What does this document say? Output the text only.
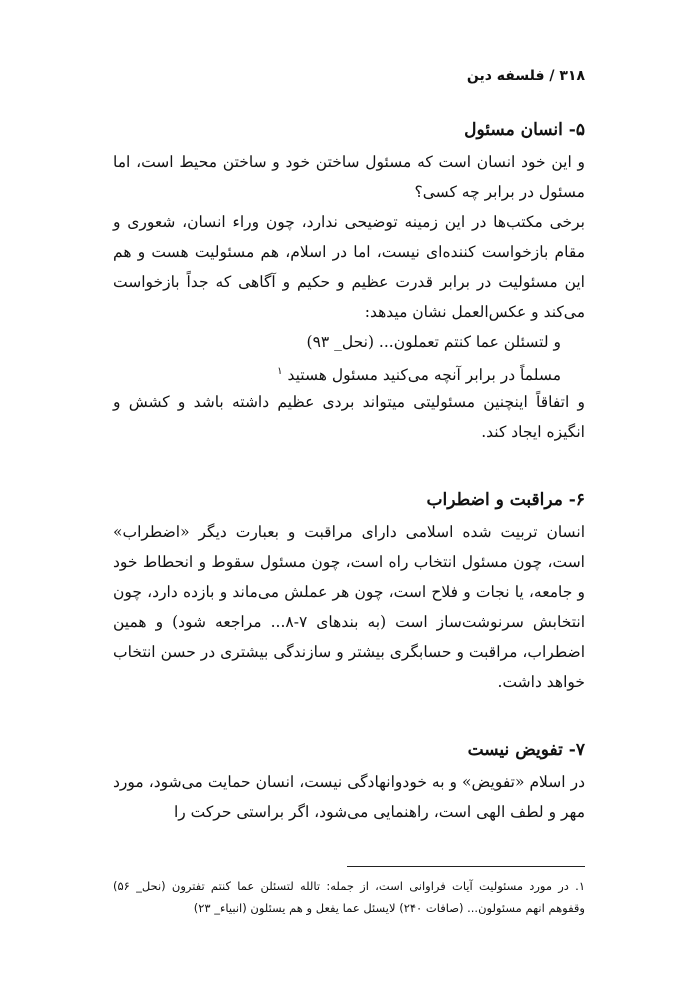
۳۱۸ / فلسفه دین
۵- انسان مسئول

و این خود انسان است که مسئول ساختن خود و ساختن محیط است، اما مسئول در برابر چه کسی؟

برخی مکتب‌ها در این زمینه توضیحی ندارد، چون وراء انسان، شعوری و مقام بازخواست کننده‌ای نیست، اما در اسلام، هم مسئولیت هست و هم این مسئولیت در برابر قدرت عظیم و حکیم و آگاهی که جداً بازخواست می‌کند و عکس‌العمل نشان میدهد:

و لتسئلن عما کنتم تعملون... (نحل_ ۹۳)

مسلماً در برابر آنچه می‌کنید مسئول هستید $^۱$

و اتفاقاً اینچنین مسئولیتی میتواند بردی عظیم داشته باشد و کشش و انگیزه ایجاد کند.

۶- مراقبت و اضطراب

انسان تربیت شده اسلامی دارای مراقبت و بعبارت دیگر «اضطراب» است، چون مسئول انتخاب راه است، چون مسئول سقوط و انحطاط خود و جامعه، یا نجات و فلاح است، چون هر عملش می‌ماند و بازده دارد، چون انتخابش سرنوشت‌ساز است (به بندهای ۷-۸... مراجعه شود) و همین اضطراب، مراقبت و حسابگری بیشتر و سازندگی بیشتری در حسن انتخاب خواهد داشت.

۷- تفویض نیست

در اسلام «تفویض» و به خودوانهادگی نیست، انسان حمایت می‌شود، مورد مهر و لطف الهی است، راهنمایی می‌شود، اگر براستی حرکت را

۱. در مورد مسئولیت آیات فراوانی است، از جمله: تالله لتسئلن عما کنتم تفترون (نحل_ ۵۶) وقفوهم انهم مسئولون... (صافات ۲۴۰) لایسئل عما یفعل و هم یسئلون (انبیاء_ ۲۳)
